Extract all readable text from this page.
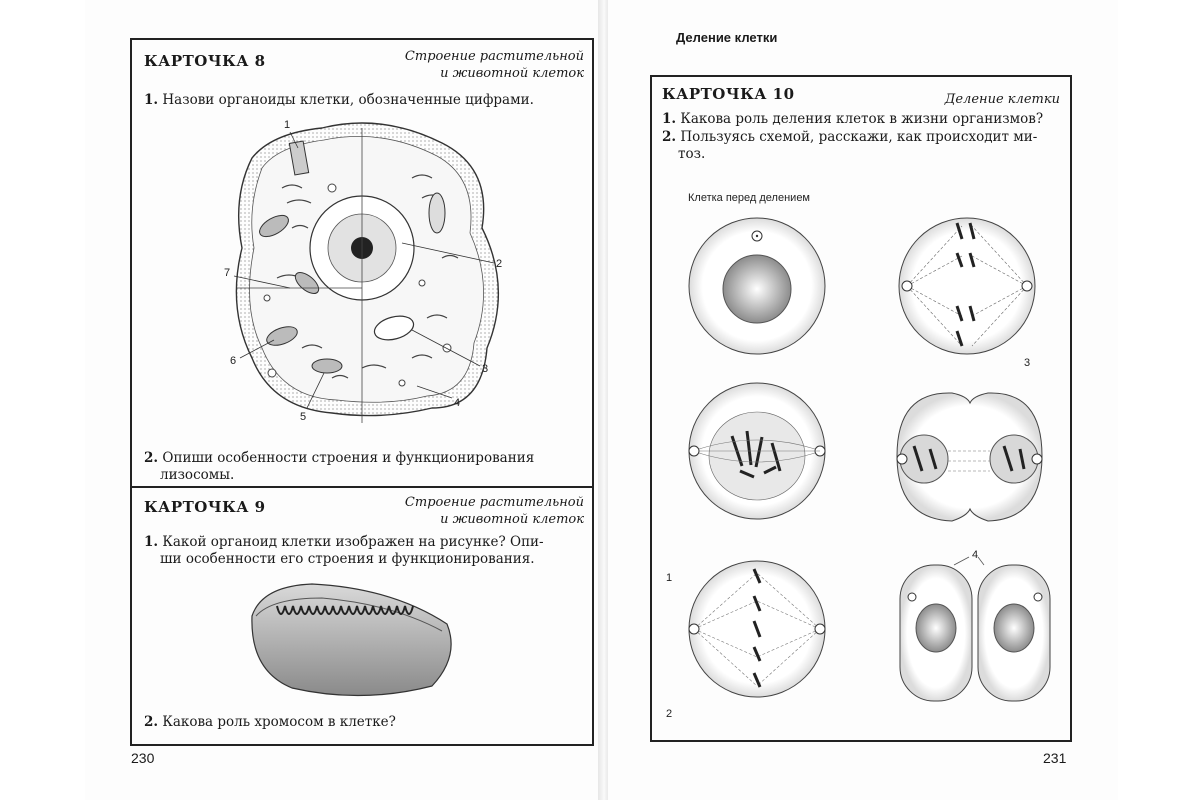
КАРТОЧКА 8	Строение растительной
и животной клеток
1. Назови органоиды клетки, обозначенные цифрами.
1
2
3
4
5
6
7
2. Опиши особенности строения и функционирования
лизосомы.
КАРТОЧКА 9	Строение растительной
и животной клеток
1. Какой органоид клетки изображен на рисунке? Опи-
ши особенности его строения и функционирования.
2. Какова роль хромосом в клетке?
230
Деление клетки
КАРТОЧКА 10	Деление клетки
1. Какова роль деления клеток в жизни организмов?
2. Пользуясь схемой, расскажи, как происходит ми-
тоз.
Клетка перед делением
3
1
2
4
231
